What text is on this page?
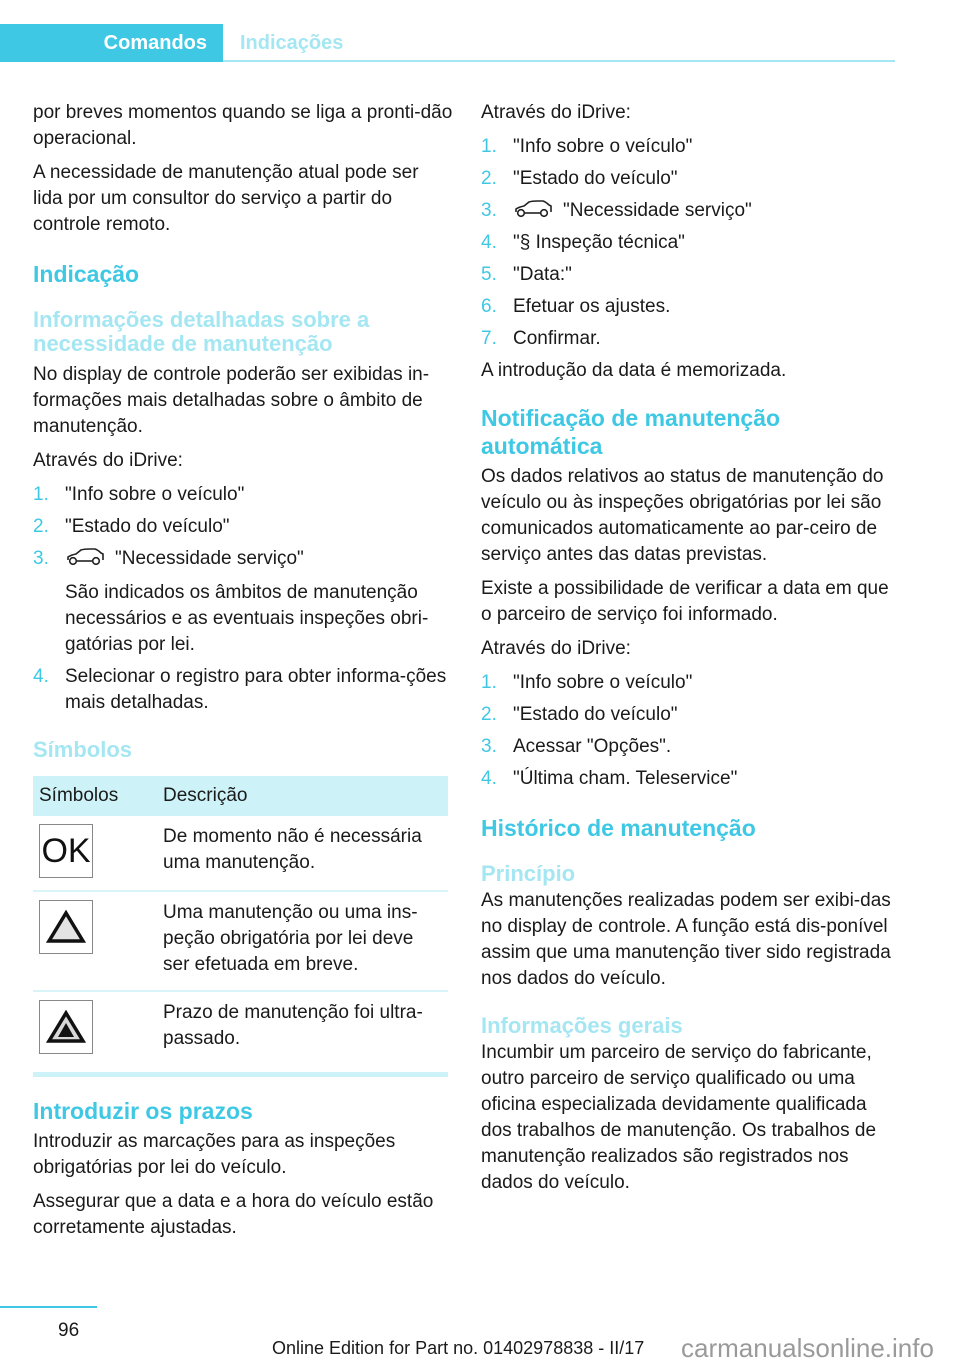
Comandos Indicações

por breves momentos quando se liga a pronti-dão operacional.

A necessidade de manutenção atual pode ser lida por um consultor do serviço a partir do controle remoto.

Indicação
Informações detalhadas sobre a necessidade de manutenção

No display de controle poderão ser exibidas in-formações mais detalhadas sobre o âmbito de manutenção.

Através do iDrive:

1. "Info sobre o veículo"
2. "Estado do veículo"
3.	"Necessidade serviço"
São indicados os âmbitos de manutenção necessários e as eventuais inspeções obri-gatórias por lei.
4. Selecionar o registro para obter informa-ções mais detalhadas.
Símbolos
Símbolos	Descrição

OK	De momento não é necessária uma manutenção.

	Uma manutenção ou uma ins-peção obrigatória por lei deve ser efetuada em breve.

	Prazo de manutenção foi ultra-passado.
Introduzir os prazos

Introduzir as marcações para as inspeções obrigatórias por lei do veículo.

Assegurar que a data e a hora do veículo estão corretamente ajustadas.

Através do iDrive:

1. "Info sobre o veículo"
2. "Estado do veículo"
3.	"Necessidade serviço"
4. "§ Inspeção técnica"
5. "Data:"
6. Efetuar os ajustes.
7. Confirmar.

A introdução da data é memorizada.

Notificação de manutenção automática

Os dados relativos ao status de manutenção do veículo ou às inspeções obrigatórias por lei são comunicados automaticamente ao par-ceiro de serviço antes das datas previstas.

Existe a possibilidade de verificar a data em que o parceiro de serviço foi informado.

Através do iDrive:

1. "Info sobre o veículo"
2. "Estado do veículo"
3. Acessar "Opções".
4. "Última cham. Teleservice"
Histórico de manutenção
Princípio

As manutenções realizadas podem ser exibi-das no display de controle. A função está dis-ponível assim que uma manutenção tiver sido registrada nos dados do veículo.

Informações gerais

Incumbir um parceiro de serviço do fabricante, outro parceiro de serviço qualificado ou uma oficina especializada devidamente qualificada dos trabalhos de manutenção. Os trabalhos de manutenção realizados são registrados nos dados do veículo.

96
Online Edition for Part no. 01402978838 - II/17 carmanualsonline.info
